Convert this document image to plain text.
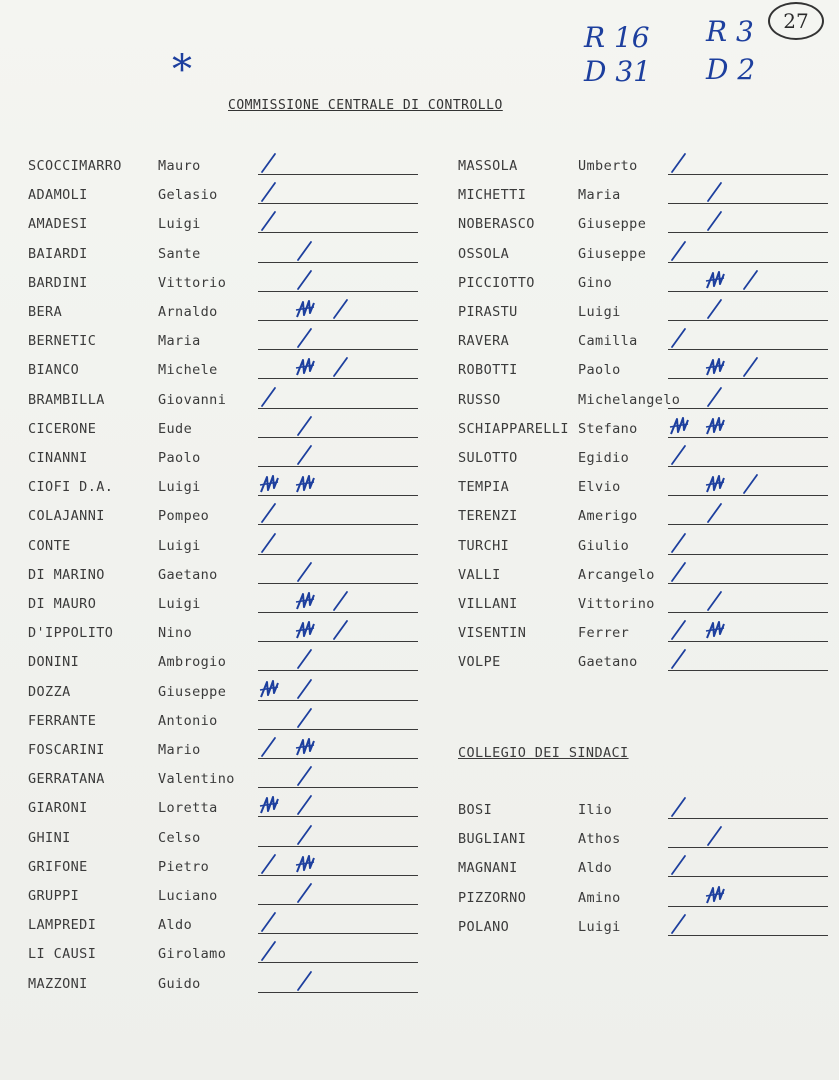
*
R 16
D 31
R 3
D 2
27
COMMISSIONE CENTRALE DI CONTROLLO
SCOCCIMARRO	Mauro
ADAMOLI	Gelasio
AMADESI	Luigi
BAIARDI	Sante
BARDINI	Vittorio
BERA	Arnaldo
BERNETIC	Maria
BIANCO	Michele
BRAMBILLA	Giovanni
CICERONE	Eude
CINANNI	Paolo
CIOFI D.A.	Luigi
COLAJANNI	Pompeo
CONTE	Luigi
DI MARINO	Gaetano
DI MAURO	Luigi
D'IPPOLITO	Nino
DONINI	Ambrogio
DOZZA	Giuseppe
FERRANTE	Antonio
FOSCARINI	Mario
GERRATANA	Valentino
GIARONI	Loretta
GHINI	Celso
GRIFONE	Pietro
GRUPPI	Luciano
LAMPREDI	Aldo
LI CAUSI	Girolamo
MAZZONI	Guido
MASSOLA	Umberto
MICHETTI	Maria
NOBERASCO	Giuseppe
OSSOLA	Giuseppe
PICCIOTTO	Gino
PIRASTU	Luigi
RAVERA	Camilla
ROBOTTI	Paolo
RUSSO	Michelangelo
SCHIAPPARELLI Stefano
SULOTTO	Egidio
TEMPIA	Elvio
TERENZI	Amerigo
TURCHI	Giulio
VALLI	Arcangelo
VILLANI	Vittorino
VISENTIN	Ferrer
VOLPE	Gaetano
COLLEGIO DEI SINDACI
BOSI	Ilio
BUGLIANI	Athos
MAGNANI	Aldo
PIZZORNO	Amino
POLANO	Luigi
